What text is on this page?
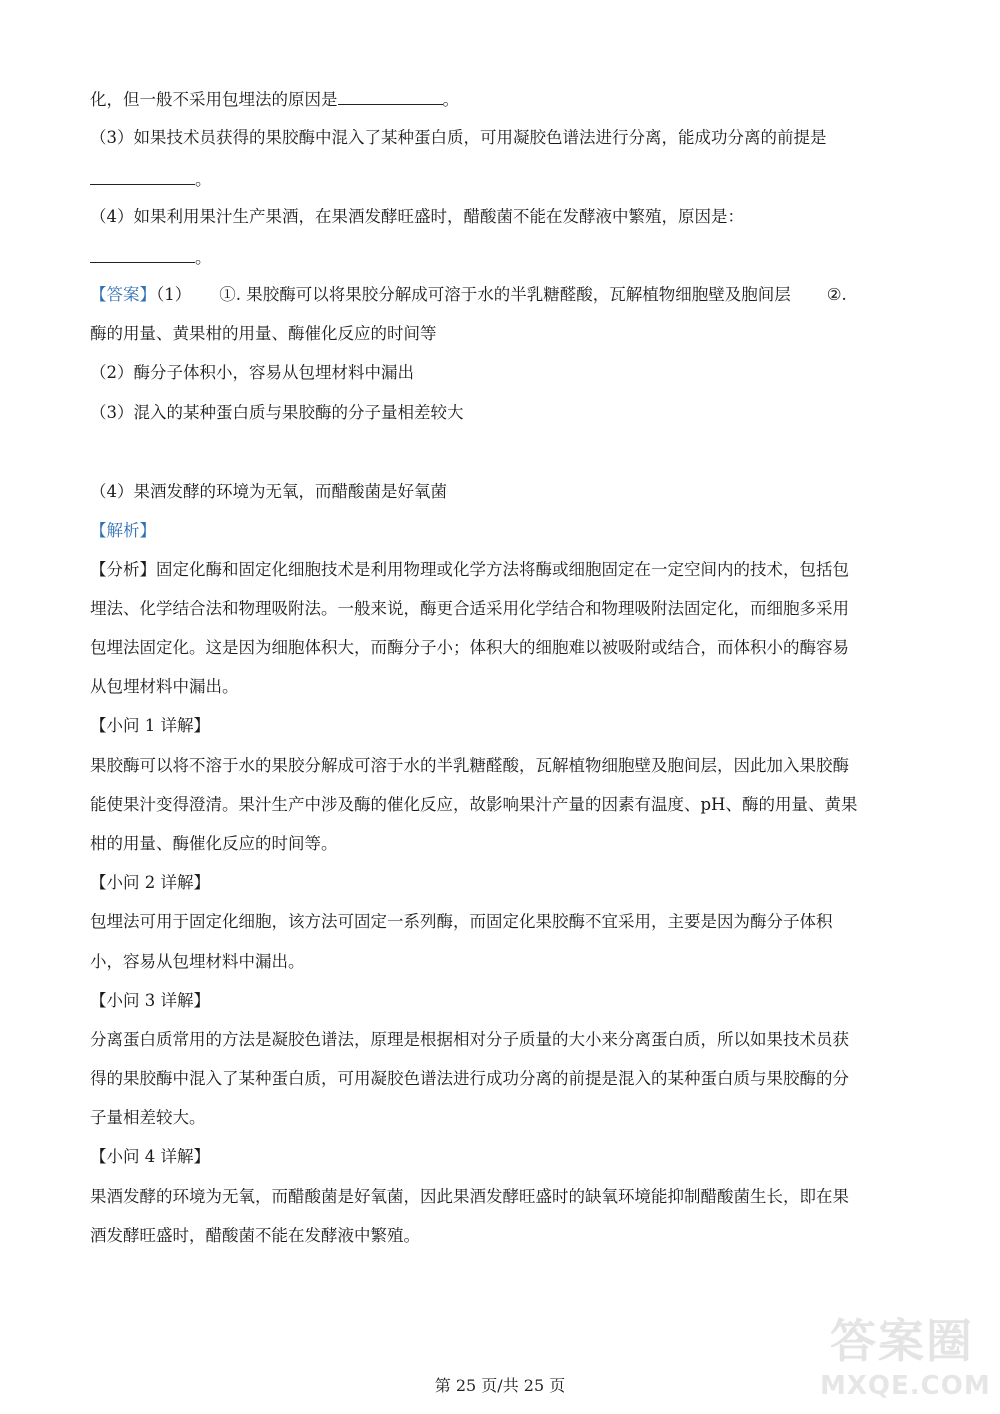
化，但一般不采用包埋法的原因是	。
（3）如果技术员获得的果胶酶中混入了某种蛋白质，可用凝胶色谱法进行分离，能成功分离的前提是
。
（4）如果利用果汁生产果酒，在果酒发酵旺盛时，醋酸菌不能在发酵液中繁殖，原因是：
。
【答案】（1） ①. 果胶酶可以将果胶分解成可溶于水的半乳糖醛酸，瓦解植物细胞壁及胞间层 ②.
酶的用量、黄果柑的用量、酶催化反应的时间等
（2）酶分子体积小，容易从包埋材料中漏出
（3）混入的某种蛋白质与果胶酶的分子量相差较大
（4）果酒发酵的环境为无氧，而醋酸菌是好氧菌
【解析】
【分析】固定化酶和固定化细胞技术是利用物理或化学方法将酶或细胞固定在一定空间内的技术，包括包
埋法、化学结合法和物理吸附法。一般来说，酶更合适采用化学结合和物理吸附法固定化，而细胞多采用
包埋法固定化。这是因为细胞体积大，而酶分子小；体积大的细胞难以被吸附或结合，而体积小的酶容易
从包埋材料中漏出。
【小问 1 详解】
果胶酶可以将不溶于水的果胶分解成可溶于水的半乳糖醛酸，瓦解植物细胞壁及胞间层，因此加入果胶酶
能使果汁变得澄清。果汁生产中涉及酶的催化反应，故影响果汁产量的因素有温度、pH、酶的用量、黄果
柑的用量、酶催化反应的时间等。
【小问 2 详解】
包埋法可用于固定化细胞，该方法可固定一系列酶，而固定化果胶酶不宜采用，主要是因为酶分子体积
小，容易从包埋材料中漏出。
【小问 3 详解】
分离蛋白质常用的方法是凝胶色谱法，原理是根据相对分子质量的大小来分离蛋白质，所以如果技术员获
得的果胶酶中混入了某种蛋白质，可用凝胶色谱法进行成功分离的前提是混入的某种蛋白质与果胶酶的分
子量相差较大。
【小问 4 详解】
果酒发酵的环境为无氧，而醋酸菌是好氧菌，因此果酒发酵旺盛时的缺氧环境能抑制醋酸菌生长，即在果
酒发酵旺盛时，醋酸菌不能在发酵液中繁殖。
第 25 页/共 25 页
答案圈
MXQE.COM
